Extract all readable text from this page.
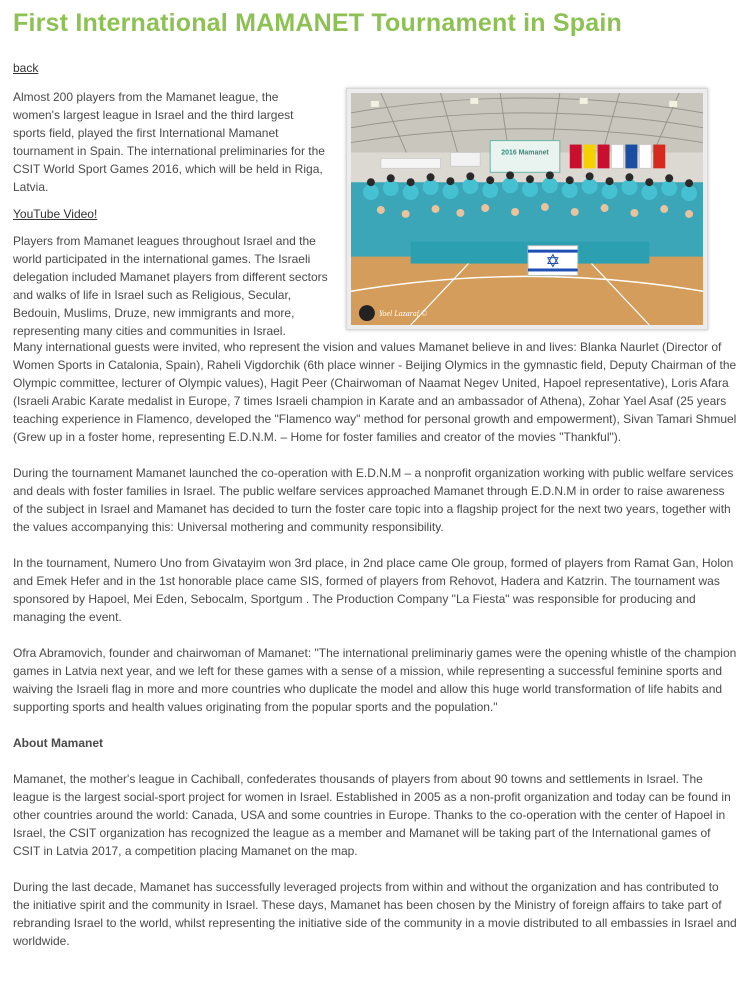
First International MAMANET Tournament in Spain
back

Almost 200 players from the Mamanet league, the women's largest league in Israel and the third largest sports field, played the first International Mamanet tournament in Spain. The international preliminaries for the CSIT World Sport Games 2016, which will be held in Riga, Latvia.

YouTube Video!

Players from Mamanet leagues throughout Israel and the world participated in the international games. The Israeli delegation included Mamanet players from different sectors and walks of life in Israel such as Religious, Secular, Bedouin, Muslims, Druze, new immigrants and more, representing many cities and communities in Israel.

2016 Mamanet
Yoel Lazaraf ©

Many international guests were invited, who represent the vision and values Mamanet believe in and lives: Blanka Naurlet (Director of Women Sports in Catalonia, Spain), Raheli Vigdorchik (6th place winner - Beijing Olymics in the gymnastic field, Deputy Chairman of the Olympic committee, lecturer of Olympic values), Hagit Peer (Chairwoman of Naamat Negev United, Hapoel representative), Loris Afara (Israeli Arabic Karate medalist in Europe, 7 times Israeli champion in Karate and an ambassador of Athena), Zohar Yael Asaf (25 years teaching experience in Flamenco, developed the "Flamenco way" method for personal growth and empowerment), Sivan Tamari Shmuel (Grew up in a foster home, representing E.D.N.M. – Home for foster families and creator of the movies "Thankful").

During the tournament Mamanet launched the co-operation with E.D.N.M – a nonprofit organization working with public welfare services and deals with foster families in Israel. The public welfare services approached Mamanet through E.D.N.M in order to raise awareness of the subject in Israel and Mamanet has decided to turn the foster care topic into a flagship project for the next two years, together with the values accompanying this: Universal mothering and community responsibility.

In the tournament, Numero Uno from Givatayim won 3rd place, in 2nd place came Ole group, formed of players from Ramat Gan, Holon and Emek Hefer and in the 1st honorable place came SIS, formed of players from Rehovot, Hadera and Katzrin. The tournament was sponsored by Hapoel, Mei Eden, Sebocalm, Sportgum . The Production Company "La Fiesta" was responsible for producing and managing the event.

Ofra Abramovich, founder and chairwoman of Mamanet: "The international preliminariy games were the opening whistle of the champion games in Latvia next year, and we left for these games with a sense of a mission, while representing a successful feminine sports and waiving the Israeli flag in more and more countries who duplicate the model and allow this huge world transformation of life habits and supporting sports and health values originating from the popular sports and the population."

About Mamanet

Mamanet, the mother's league in Cachiball, confederates thousands of players from about 90 towns and settlements in Israel. The league is the largest social-sport project for women in Israel. Established in 2005 as a non-profit organization and today can be found in other countries around the world: Canada, USA and some countries in Europe. Thanks to the co-operation with the center of Hapoel in Israel, the CSIT organization has recognized the league as a member and Mamanet will be taking part of the International games of CSIT in Latvia 2017, a competition placing Mamanet on the map.

During the last decade, Mamanet has successfully leveraged projects from within and without the organization and has contributed to the initiative spirit and the community in Israel. These days, Mamanet has been chosen by the Ministry of foreign affairs to take part of rebranding Israel to the world, whilst representing the initiative side of the community in a movie distributed to all embassies in Israel and worldwide.
